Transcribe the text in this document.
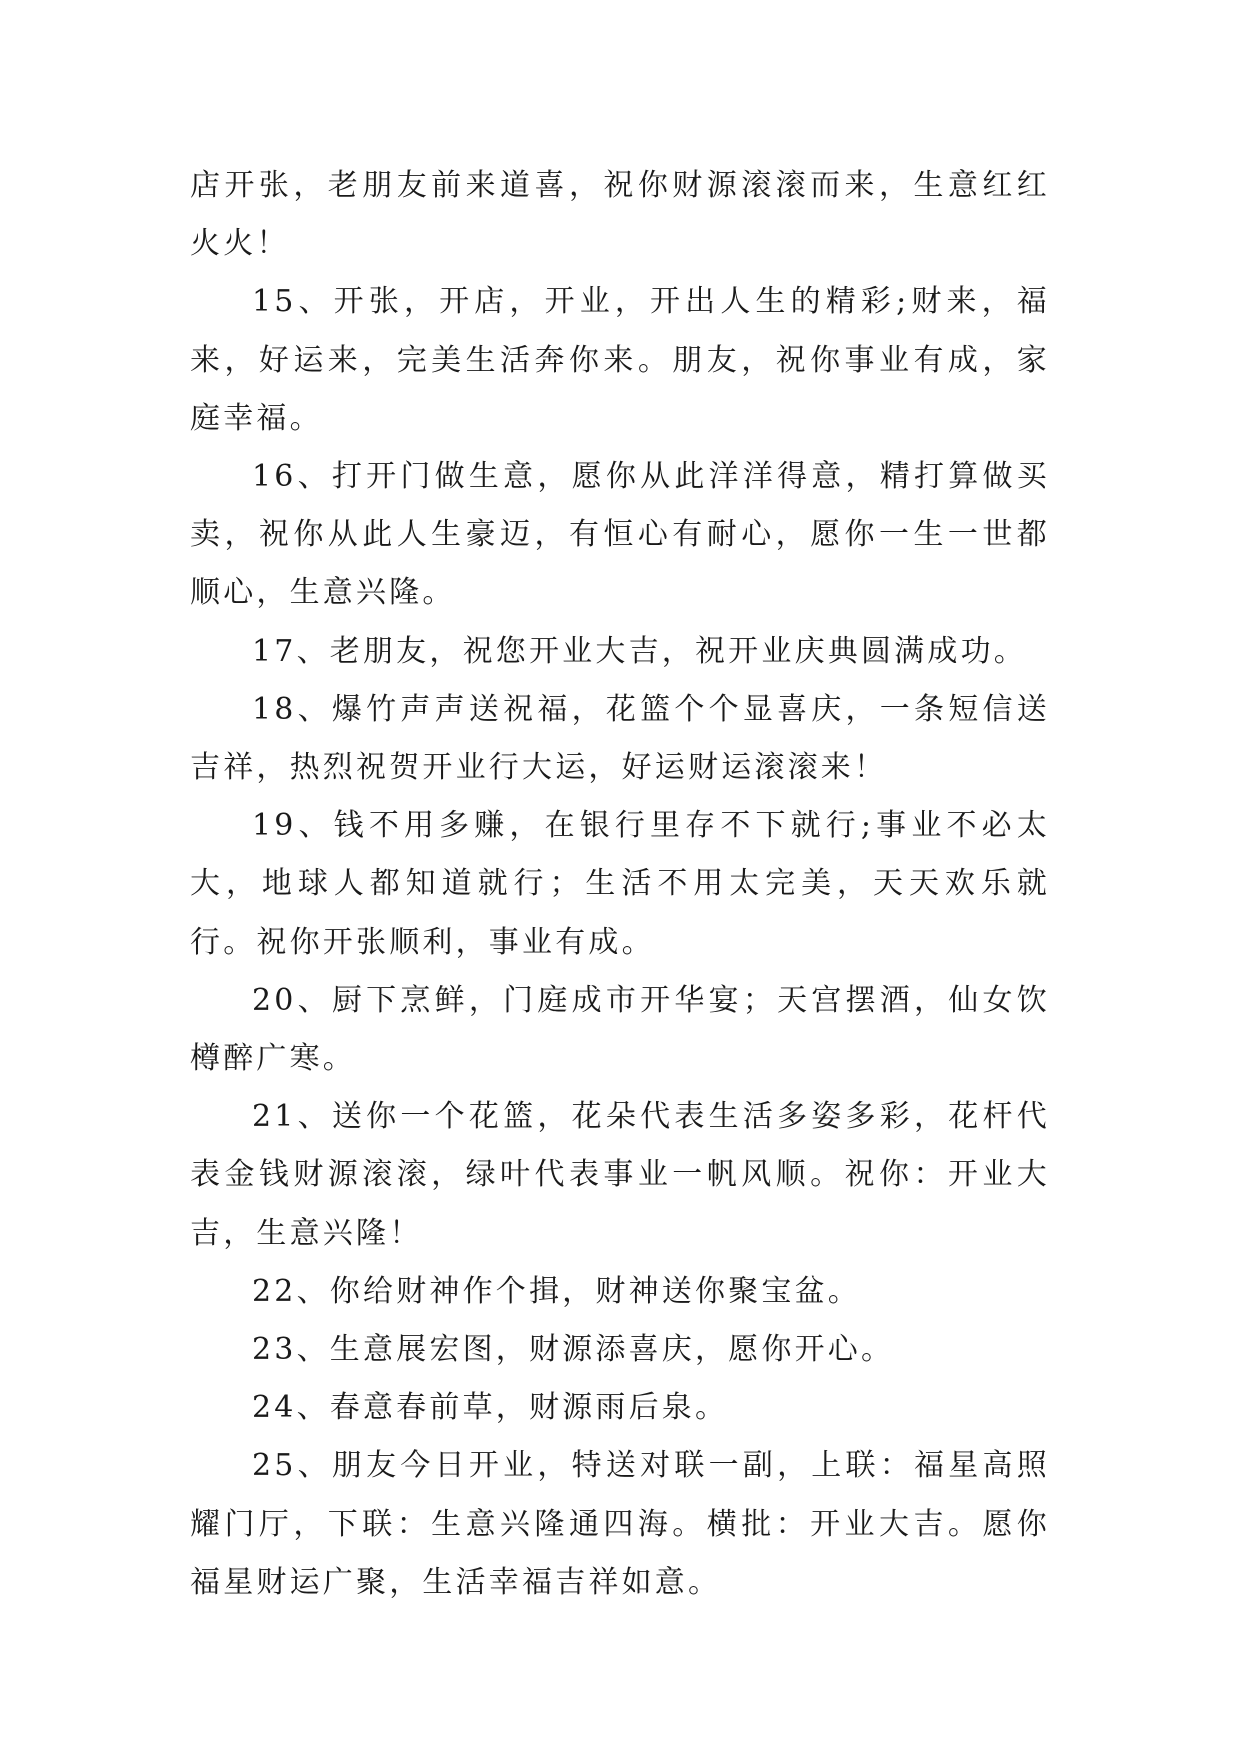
店开张，老朋友前来道喜，祝你财源滚滚而来，生意红红火火！

15、开张，开店，开业，开出人生的精彩;财来，福来，好运来，完美生活奔你来。朋友，祝你事业有成，家庭幸福。

16、打开门做生意，愿你从此洋洋得意，精打算做买卖，祝你从此人生豪迈，有恒心有耐心，愿你一生一世都顺心，生意兴隆。

17、老朋友，祝您开业大吉，祝开业庆典圆满成功。

18、爆竹声声送祝福，花篮个个显喜庆，一条短信送吉祥，热烈祝贺开业行大运，好运财运滚滚来！

19、钱不用多赚，在银行里存不下就行;事业不必太大，地球人都知道就行；生活不用太完美，天天欢乐就行。祝你开张顺利，事业有成。

20、厨下烹鲜，门庭成市开华宴；天宫摆酒，仙女饮樽醉广寒。

21、送你一个花篮，花朵代表生活多姿多彩，花杆代表金钱财源滚滚，绿叶代表事业一帆风顺。祝你：开业大吉，生意兴隆！

22、你给财神作个揖，财神送你聚宝盆。

23、生意展宏图，财源添喜庆，愿你开心。

24、春意春前草，财源雨后泉。

25、朋友今日开业，特送对联一副，上联：福星高照耀门厅，下联：生意兴隆通四海。横批：开业大吉。愿你福星财运广聚，生活幸福吉祥如意。
